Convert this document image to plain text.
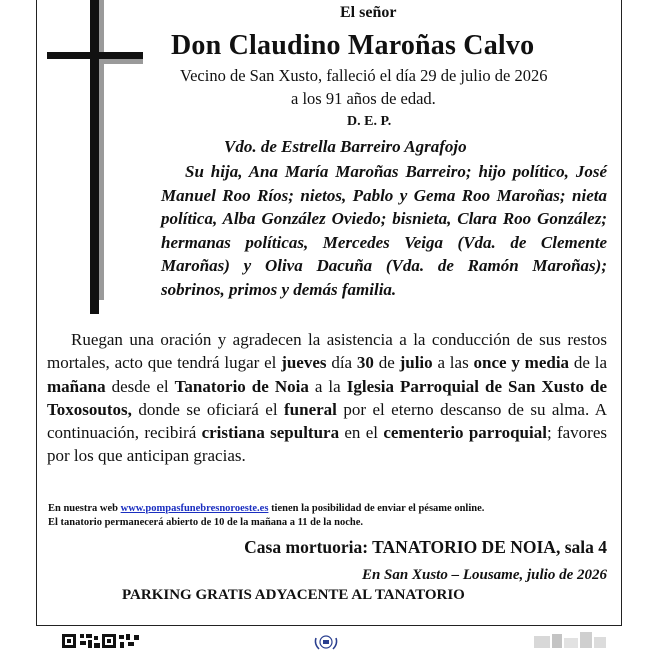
El señor
Don Claudino Maroñas Calvo
Vecino de San Xusto, falleció el día 29 de julio de 2026
a los 91 años de edad.
D. E. P.
Vdo. de Estrella Barreiro Agrafojo
Su hija, Ana María Maroñas Barreiro; hijo político, José Manuel Roo Ríos; nietos, Pablo y Gema Roo Maroñas; nieta política, Alba González Oviedo; bisnieta, Clara Roo González; hermanas políticas, Mercedes Veiga (Vda. de Clemente Maroñas) y Oliva Dacuña (Vda. de Ramón Maroñas); sobrinos, primos y demás familia.
Ruegan una oración y agradecen la asistencia a la conducción de sus restos mortales, acto que tendrá lugar el jueves día 30 de julio a las once y media de la mañana desde el Tanatorio de Noia a la Iglesia Parroquial de San Xusto de Toxosoutos, donde se oficiará el funeral por el eterno descanso de su alma. A continuación, recibirá cristiana sepultura en el cementerio parroquial; favores por los que anticipan gracias.
En nuestra web www.pompasfunebresnoroeste.es tienen la posibilidad de enviar el pésame online.
El tanatorio permanecerá abierto de 10 de la mañana a 11 de la noche.
Casa mortuoria: TANATORIO DE NOIA, sala 4
En San Xusto – Lousame, julio de 2026
PARKING GRATIS ADYACENTE AL TANATORIO
